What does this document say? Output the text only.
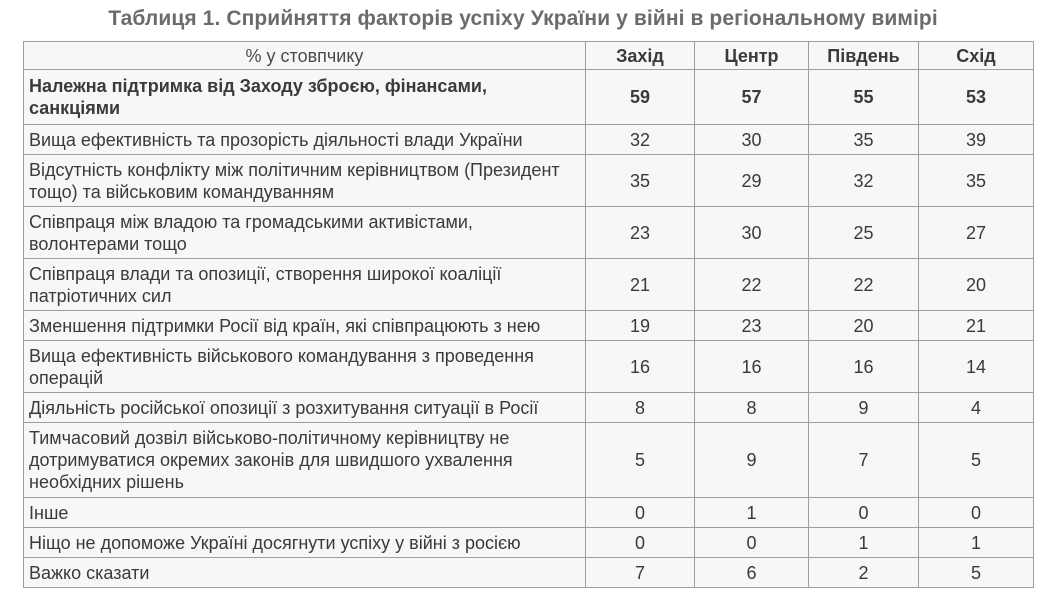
Таблиця 1. Сприйняття факторів успіху України у війні в регіональному вимірі
% у стовпчику	Захід	Центр	Південь	Схід
Належна підтримка від Заходу зброєю, фінансами, санкціями	59	57	55	53
Вища ефективність та прозорість діяльності влади України	32	30	35	39
Відсутність конфлікту між політичним керівництвом (Президент тощо) та військовим командуванням	35	29	32	35
Співпраця між владою та громадськими активістами, волонтерами тощо	23	30	25	27
Співпраця влади та опозиції, створення широкої коаліції патріотичних сил	21	22	22	20
Зменшення підтримки Росії від країн, які співпрацюють з нею	19	23	20	21
Вища ефективність військового командування з проведення операцій	16	16	16	14
Діяльність російської опозиції з розхитування ситуації в Росії	8	8	9	4
Тимчасовий дозвіл військово-політичному керівництву не дотримуватися окремих законів для швидшого ухвалення необхідних рішень	5	9	7	5
Інше	0	1	0	0
Ніщо не допоможе Україні досягнути успіху у війні з росією	0	0	1	1
Важко сказати	7	6	2	5
